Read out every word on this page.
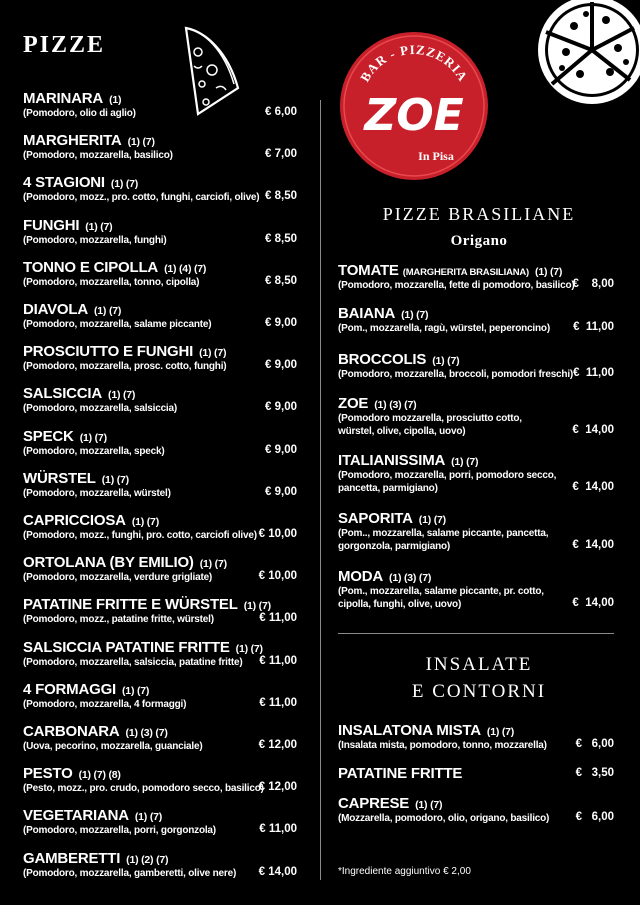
PIZZE
MARINARA (1)
(Pomodoro, olio di aglio)	€ 6,00
MARGHERITA (1) (7)
(Pomodoro, mozzarella, basilico)	€ 7,00
4 STAGIONI (1) (7)
(Pomodoro, mozz., pro. cotto, funghi, carciofi, olive) € 8,50
FUNGHI (1) (7)
(Pomodoro, mozzarella, funghi)	€ 8,50
TONNO E CIPOLLA (1) (4) (7)
(Pomodoro, mozzarella, tonno, cipolla)	€ 8,50
DIAVOLA (1) (7)
(Pomodoro, mozzarella, salame piccante)	€ 9,00
PROSCIUTTO E FUNGHI (1) (7)
(Pomodoro, mozzarella, prosc. cotto, funghi)	€ 9,00
SALSICCIA (1) (7)
(Pomodoro, mozzarella, salsiccia)	€ 9,00
SPECK (1) (7)
(Pomodoro, mozzarella, speck)	€ 9,00
WÜRSTEL (1) (7)
(Pomodoro, mozzarella, würstel)	€ 9,00
CAPRICCIOSA (1) (7)
(Pomodoro, mozz., funghi, pro. cotto, carciofi olive) € 10,00
ORTOLANA (BY EMILIO) (1) (7)
(Pomodoro, mozzarella, verdure grigliate)	€ 10,00
PATATINE FRITTE E WÜRSTEL (1) (7)
(Pomodoro, mozz., patatine fritte, würstel)	€ 11,00
SALSICCIA PATATINE FRITTE (1) (7)
(Pomodoro, mozzarella, salsiccia, patatine fritte)	€ 11,00
4 FORMAGGI (1) (7)
(Pomodoro, mozzarella, 4 formaggi)	€ 11,00
CARBONARA (1) (3) (7)
(Uova, pecorino, mozzarella, guanciale)	€ 12,00
PESTO (1) (7) (8)
(Pesto, mozz., pro. crudo, pomodoro secco, basilico)
€ 12,00
VEGETARIANA (1) (7)
(Pomodoro, mozzarella, porri, gorgonzola)	€ 11,00
GAMBERETTI (1) (2) (7)
(Pomodoro, mozzarella, gamberetti, olive nere)	€ 14,00
BAR - PIZZERIA
ZOE
In Pisa
PIZZE BRASILIANE
Origano
TOMATE (MARGHERITA BRASILIANA) (1) (7)
(Pomodoro, mozzarella, fette di pomodoro, basilico)
€    8,00
BAIANA (1) (7)
(Pom., mozzarella, ragù, würstel, peperoncino)	€  11,00
BROCCOLIS (1) (7)
(Pomodoro, mozzarella, broccoli, pomodori freschi) €  11,00
ZOE (1) (3) (7)
(Pomodoro mozzarella, prosciutto cotto,
würstel, olive, cipolla, uovo)	€  14,00
ITALIANISSIMA (1) (7)
(Pomodoro, mozzarella, porri, pomodoro secco,
pancetta, parmigiano)	€  14,00
SAPORITA (1) (7)
(Pom.., mozzarella, salame piccante, pancetta,
gorgonzola, parmigiano)	€  14,00
MODA (1) (3) (7)
(Pom., mozzarella, salame piccante, pr. cotto,
cipolla, funghi, olive, uovo)	€  14,00
INSALATE
E CONTORNI
INSALATONA MISTA (1) (7)
(Insalata mista, pomodoro, tonno, mozzarella)	€   6,00
PATATINE FRITTE	€   3,50
CAPRESE (1) (7)
(Mozzarella, pomodoro, olio, origano, basilico)	€   6,00
*Ingrediente aggiuntivo € 2,00
